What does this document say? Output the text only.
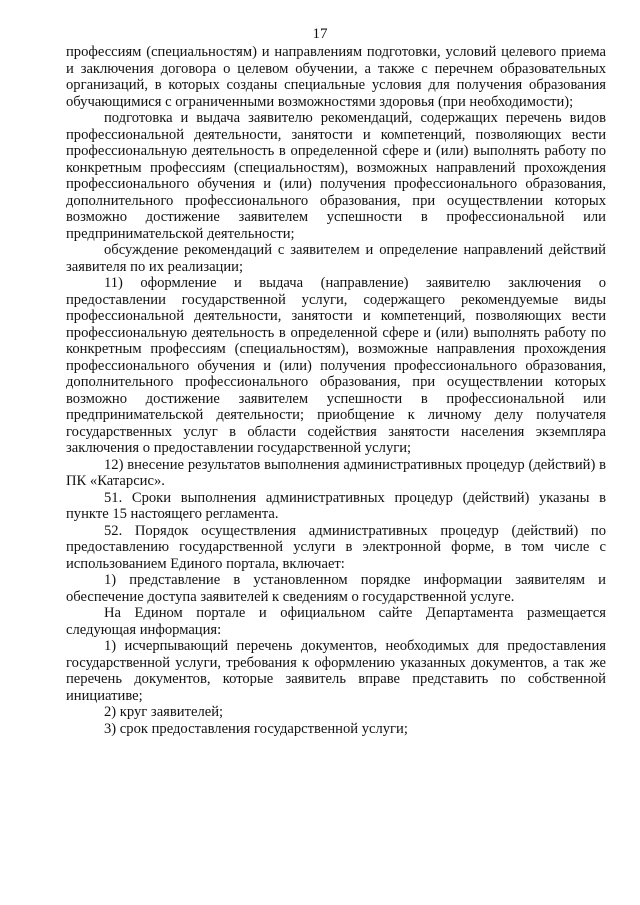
17

профессиям (специальностям) и направлениям подготовки, условий целевого приема и заключения договора о целевом обучении, а также с перечнем образовательных организаций, в которых созданы специальные условия для получения образования обучающимися с ограниченными возможностями здоровья (при необходимости);

подготовка и выдача заявителю рекомендаций, содержащих перечень видов профессиональной деятельности, занятости и компетенций, позволяющих вести профессиональную деятельность в определенной сфере и (или) выполнять работу по конкретным профессиям (специальностям), возможных направлений прохождения профессионального обучения и (или) получения профессионального образования, дополнительного профессионального образования, при осуществлении которых возможно достижение заявителем успешности в профессиональной или предпринимательской деятельности;

обсуждение рекомендаций с заявителем и определение направлений действий заявителя по их реализации;

11) оформление и выдача (направление) заявителю заключения о предоставлении государственной услуги, содержащего рекомендуемые виды профессиональной деятельности, занятости и компетенций, позволяющих вести профессиональную деятельность в определенной сфере и (или) выполнять работу по конкретным профессиям (специальностям), возможные направления прохождения профессионального обучения и (или) получения профессионального образования, дополнительного профессионального образования, при осуществлении которых возможно достижение заявителем успешности в профессиональной или предпринимательской деятельности; приобщение к личному делу получателя государственных услуг в области содействия занятости населения экземпляра заключения о предоставлении государственной услуги;

12) внесение результатов выполнения административных процедур (действий) в ПК «Катарсис».

51. Сроки выполнения административных процедур (действий) указаны в пункте 15 настоящего регламента.

52. Порядок осуществления административных процедур (действий) по предоставлению государственной услуги в электронной форме, в том числе с использованием Единого портала, включает:

1) представление в установленном порядке информации заявителям и обеспечение доступа заявителей к сведениям о государственной услуге.

На Едином портале и официальном сайте Департамента размещается следующая информация:

1) исчерпывающий перечень документов, необходимых для предоставления государственной услуги, требования к оформлению указанных документов, а так же перечень документов, которые заявитель вправе представить по собственной инициативе;

2) круг заявителей;

3) срок предоставления государственной услуги;
